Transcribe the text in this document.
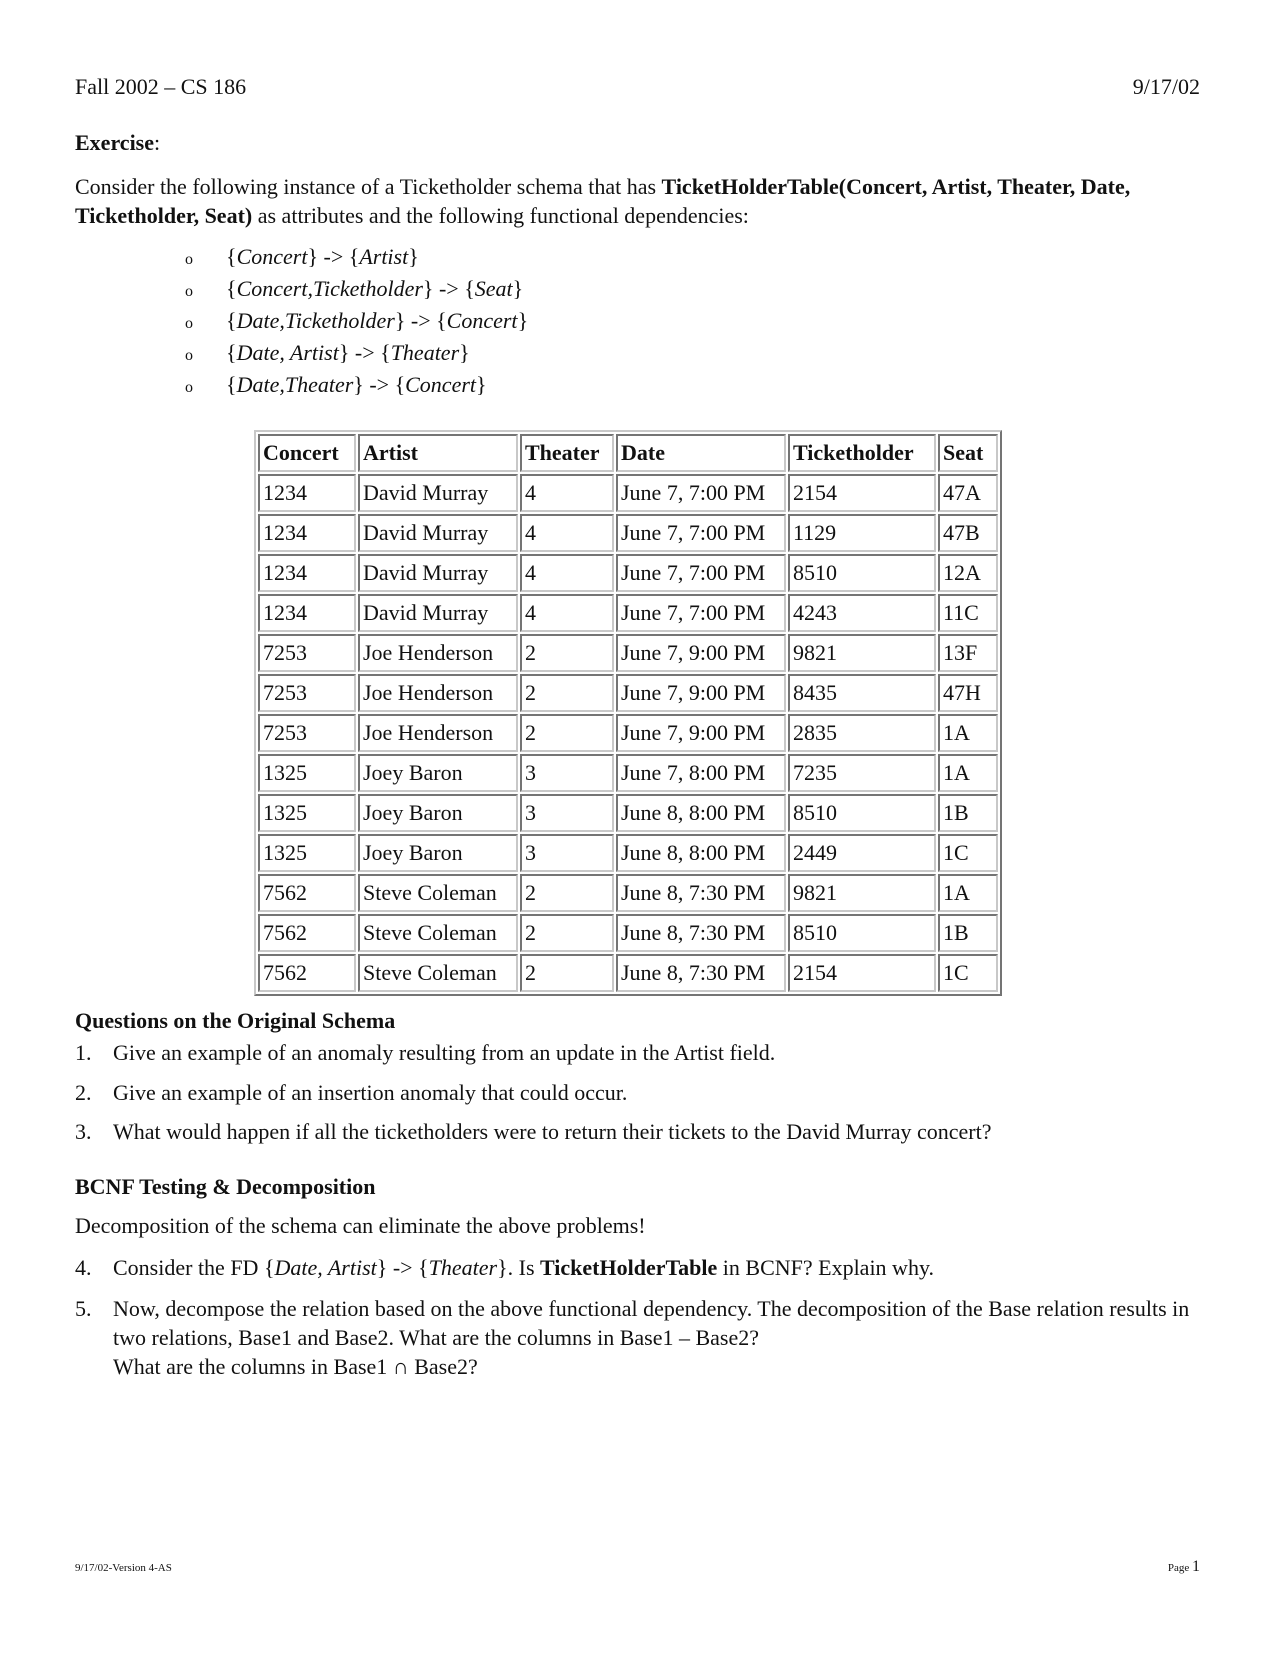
Fall 2002 – CS 186	9/17/02
Exercise:
Consider the following instance of a Ticketholder schema that has TicketHolderTable(Concert, Artist, Theater, Date, Ticketholder, Seat) as attributes and the following functional dependencies:
o	{Concert} -> {Artist}
o	{Concert,Ticketholder} -> {Seat}
o	{Date,Ticketholder} -> {Concert}
o	{Date, Artist} -> {Theater}
o	{Date,Theater} -> {Concert}
Concert	Artist	Theater	Date	Ticketholder	Seat
1234	David Murray	4	June 7, 7:00 PM	2154	47A
1234	David Murray	4	June 7, 7:00 PM	1129	47B
1234	David Murray	4	June 7, 7:00 PM	8510	12A
1234	David Murray	4	June 7, 7:00 PM	4243	11C
7253	Joe Henderson	2	June 7, 9:00 PM	9821	13F
7253	Joe Henderson	2	June 7, 9:00 PM	8435	47H
7253	Joe Henderson	2	June 7, 9:00 PM	2835	1A
1325	Joey Baron	3	June 7, 8:00 PM	7235	1A
1325	Joey Baron	3	June 8, 8:00 PM	8510	1B
1325	Joey Baron	3	June 8, 8:00 PM	2449	1C
7562	Steve Coleman	2	June 8, 7:30 PM	9821	1A
7562	Steve Coleman	2	June 8, 7:30 PM	8510	1B
7562	Steve Coleman	2	June 8, 7:30 PM	2154	1C
Questions on the Original Schema
1. Give an example of an anomaly resulting from an update in the Artist field.
2. Give an example of an insertion anomaly that could occur.
3. What would happen if all the ticketholders were to return their tickets to the David Murray concert?
BCNF Testing & Decomposition
Decomposition of the schema can eliminate the above problems!
4. Consider the FD {Date, Artist} -> {Theater}. Is TicketHolderTable in BCNF? Explain why.
5. Now, decompose the relation based on the above functional dependency. The decomposition of the Base relation results in two relations, Base1 and Base2. What are the columns in Base1 – Base2?
What are the columns in Base1 ∩ Base2?
9/17/02-Version 4-AS	Page 1
